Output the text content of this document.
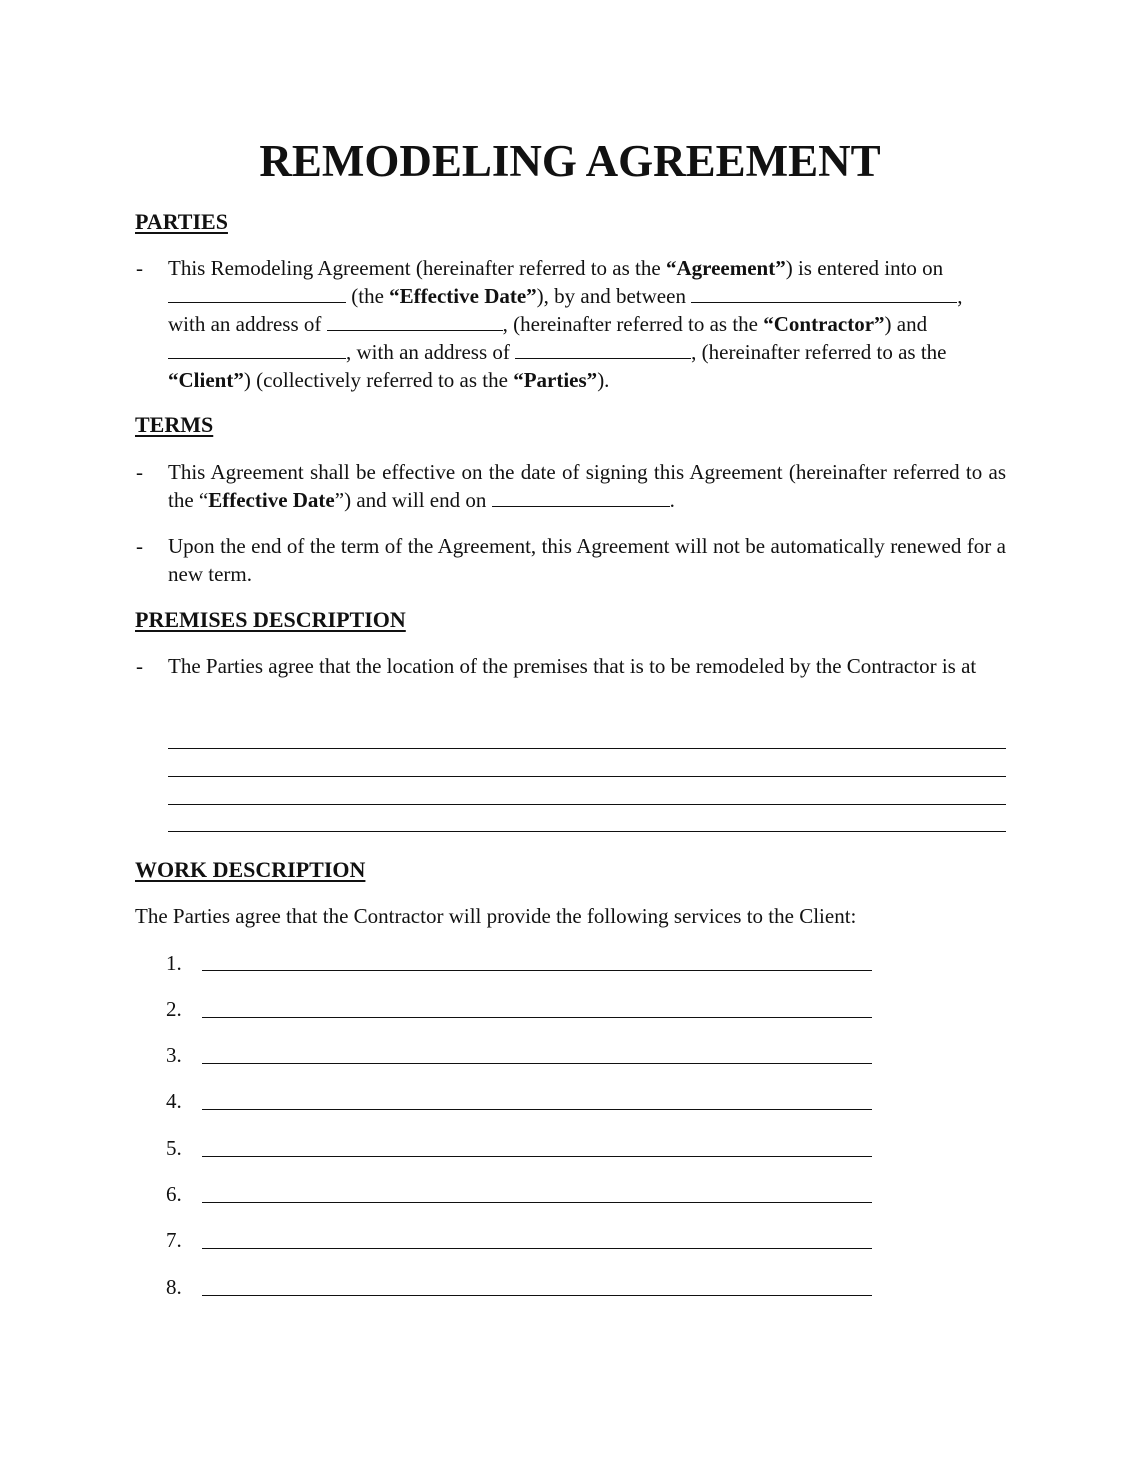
REMODELING AGREEMENT
PARTIES
- This Remodeling Agreement (hereinafter referred to as the “Agreement”) is entered into on
(the “Effective Date”), by and between	,
with an address of	, (hereinafter referred to as the “Contractor”) and
, with an address of	, (hereinafter referred to as the
“Client”) (collectively referred to as the “Parties”).

TERMS
- This Agreement shall be effective on the date of signing this Agreement (hereinafter referred to as the “Effective Date”) and will end on	.

- Upon the end of the term of the Agreement, this Agreement will not be automatically renewed for a new term.

PREMISES DESCRIPTION
- The Parties agree that the location of the premises that is to be remodeled by the Contractor is at

WORK DESCRIPTION

The Parties agree that the Contractor will provide the following services to the Client:

1.
2.
3.
4.
5.
6.
7.
8.
